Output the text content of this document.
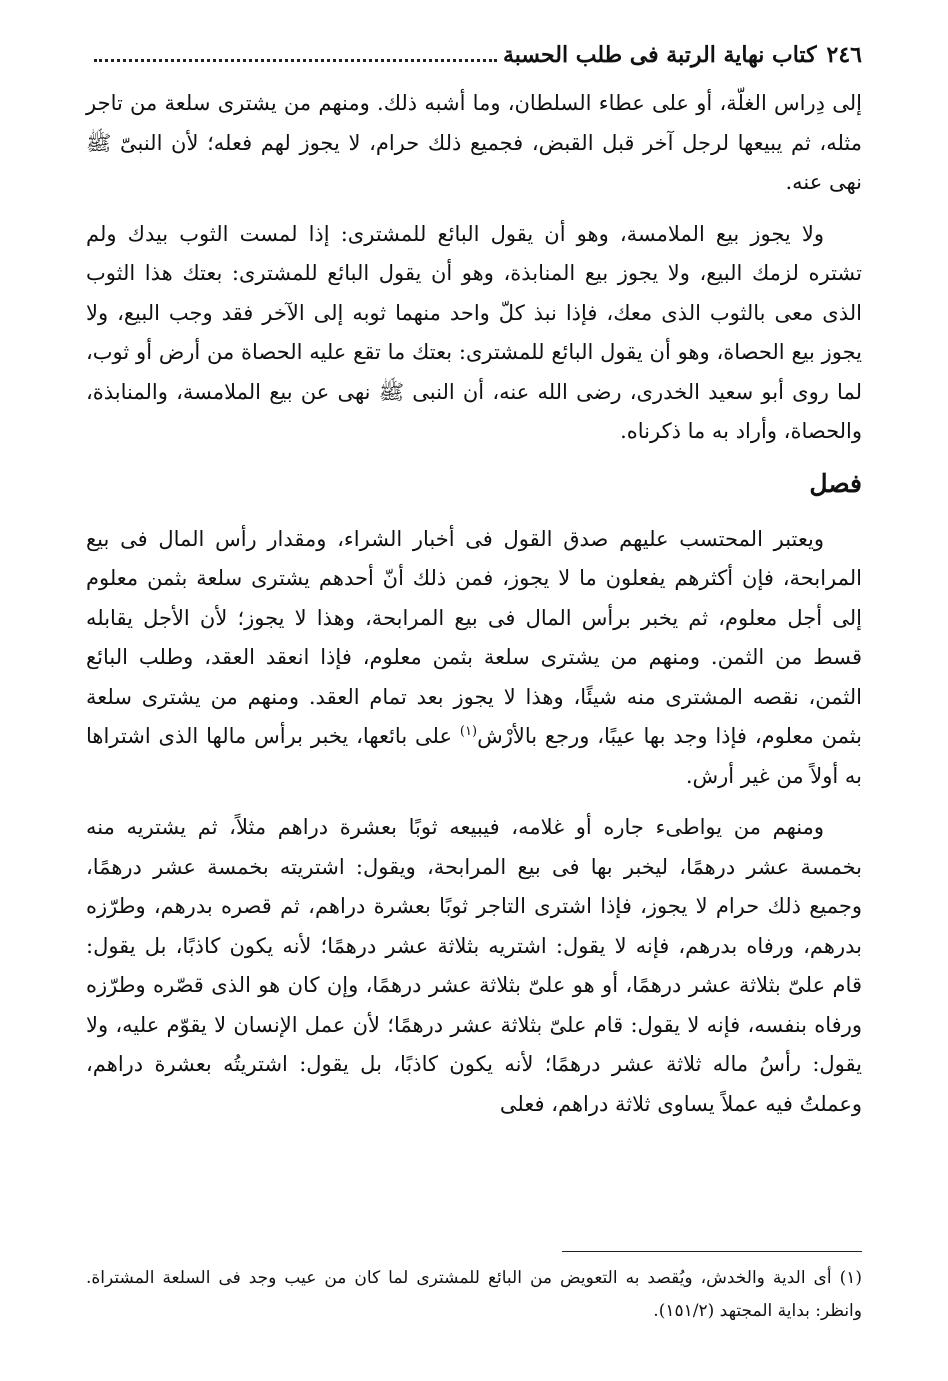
٢٤٦
كتاب نهاية الرتبة فى طلب الحسبة

إلى دِراس الغلّة، أو على عطاء السلطان، وما أشبه ذلك. ومنهم من يشترى سلعة من تاجر مثله، ثم يبيعها لرجل آخر قبل القبض، فجميع ذلك حرام، لا يجوز لهم فعله؛ لأن النبىّ ﷺ نهى عنه.

ولا يجوز بيع الملامسة، وهو أن يقول البائع للمشترى: إذا لمست الثوب بيدك ولم تشتره لزمك البيع، ولا يجوز بيع المنابذة، وهو أن يقول البائع للمشترى: بعتك هذا الثوب الذى معى بالثوب الذى معك، فإذا نبذ كلّ واحد منهما ثوبه إلى الآخر فقد وجب البيع، ولا يجوز بيع الحصاة، وهو أن يقول البائع للمشترى: بعتك ما تقع عليه الحصاة من أرض أو ثوب، لما روى أبو سعيد الخدرى، رضى الله عنه، أن النبى ﷺ نهى عن بيع الملامسة، والمنابذة، والحصاة، وأراد به ما ذكرناه.

فصل

ويعتبر المحتسب عليهم صدق القول فى أخبار الشراء، ومقدار رأس المال فى بيع المرابحة، فإن أكثرهم يفعلون ما لا يجوز، فمن ذلك أنّ أحدهم يشترى سلعة بثمن معلوم إلى أجل معلوم، ثم يخبر برأس المال فى بيع المرابحة، وهذا لا يجوز؛ لأن الأجل يقابله قسط من الثمن. ومنهم من يشترى سلعة بثمن معلوم، فإذا انعقد العقد، وطلب البائع الثمن، نقصه المشترى منه شيئًا، وهذا لا يجوز بعد تمام العقد. ومنهم من يشترى سلعة بثمن معلوم، فإذا وجد بها عيبًا، ورجع بالأرْش$^{(١)}$ على بائعها، يخبر برأس مالها الذى اشتراها به أولاً من غير أرش.

ومنهم من يواطىء جاره أو غلامه، فيبيعه ثوبًا بعشرة دراهم مثلاً، ثم يشتريه منه بخمسة عشر درهمًا، ليخبر بها فى بيع المرابحة، ويقول: اشتريته بخمسة عشر درهمًا، وجميع ذلك حرام لا يجوز، فإذا اشترى التاجر ثوبًا بعشرة دراهم، ثم قصره بدرهم، وطرّزه بدرهم، ورفاه بدرهم، فإنه لا يقول: اشتريه بثلاثة عشر درهمًا؛ لأنه يكون كاذبًا، بل يقول: قام علىّ بثلاثة عشر درهمًا، أو هو علىّ بثلاثة عشر درهمًا، وإن كان هو الذى قصّره وطرّزه ورفاه بنفسه، فإنه لا يقول: قام علىّ بثلاثة عشر درهمًا؛ لأن عمل الإنسان لا يقوّم عليه، ولا يقول: رأسُ ماله ثلاثة عشر درهمًا؛ لأنه يكون كاذبًا، بل يقول: اشتريتُه بعشرة دراهم، وعملتُ فيه عملاً يساوى ثلاثة دراهم، فعلى

(١) أى الدية والخدش، ويُقصد به التعويض من البائع للمشترى لما كان من عيب وجد فى السلعة المشتراة. وانظر: بداية المجتهد (١٥١/٢).
